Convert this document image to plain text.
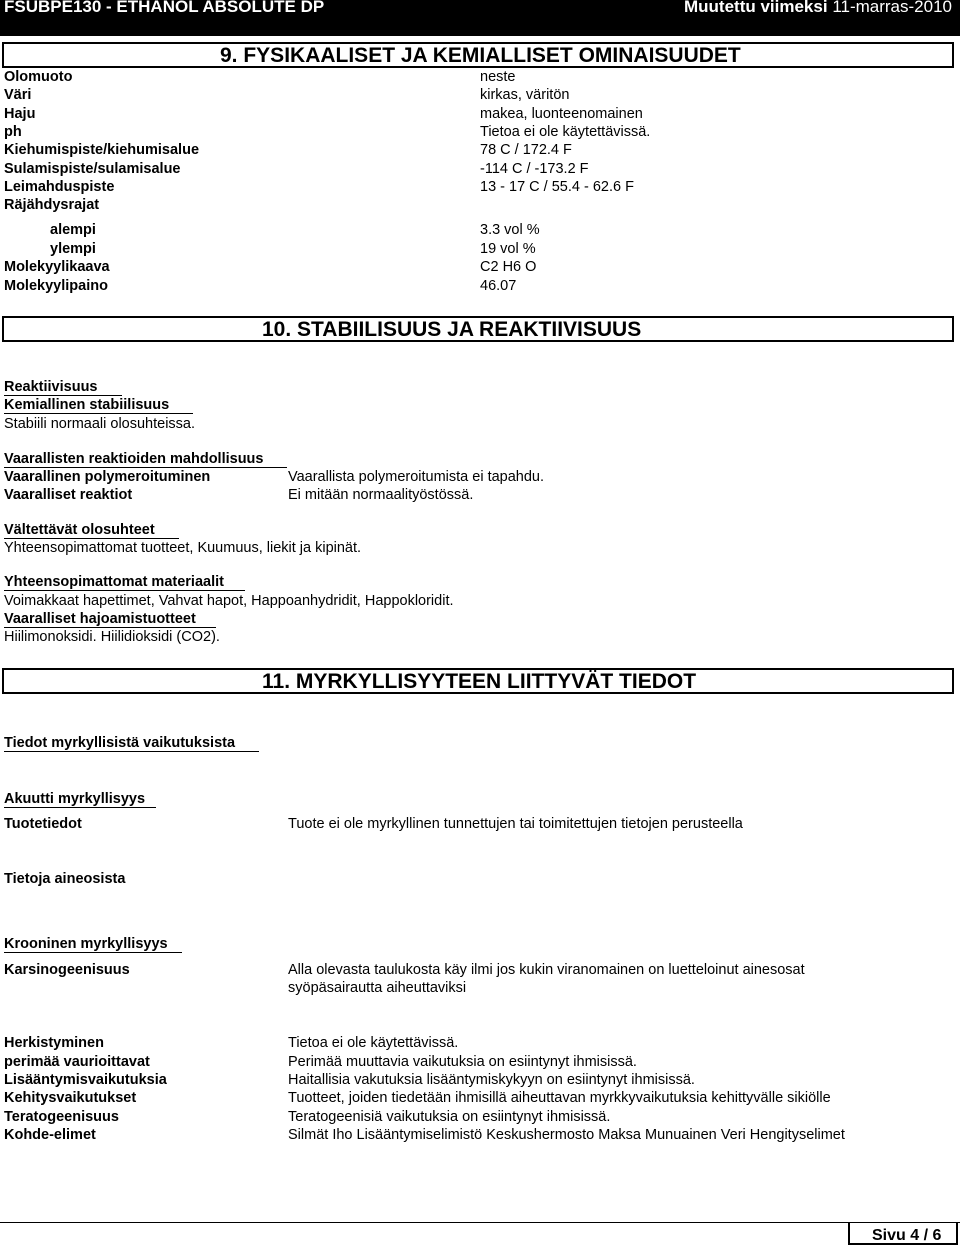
FSUBPE130 - ETHANOL ABSOLUTE DP	Muutettu viimeksi 11-marras-2010
9. FYSIKAALISET JA KEMIALLISET OMINAISUUDET
Olomuoto	neste
Väri	kirkas, väritön
Haju	makea, luonteenomainen
ph	Tietoa ei ole käytettävissä.
Kiehumispiste/kiehumisalue	78 C / 172.4 F
Sulamispiste/sulamisalue	-114 C / -173.2 F
Leimahduspiste	13 - 17 C / 55.4 - 62.6 F
Räjähdysrajat
alempi	3.3 vol %
ylempi	19 vol %
Molekyylikaava	C2 H6 O
Molekyylipaino	46.07
10. STABIILISUUS JA REAKTIIVISUUS
Reaktiivisuus
Kemiallinen stabiilisuus
Stabiili normaali olosuhteissa.
Vaarallisten reaktioiden mahdollisuus
Vaarallinen polymeroituminen	Vaarallista polymeroitumista ei tapahdu.
Vaaralliset reaktiot	Ei mitään normaalityöstössä.
Vältettävät olosuhteet
Yhteensopimattomat tuotteet, Kuumuus, liekit ja kipinät.
Yhteensopimattomat materiaalit
Voimakkaat hapettimet, Vahvat hapot, Happoanhydridit, Happokloridit.
Vaaralliset hajoamistuotteet
Hiilimonoksidi. Hiilidioksidi (CO2).
11. MYRKYLLISYYTEEN LIITTYVÄT TIEDOT
Tiedot myrkyllisistä vaikutuksista
Akuutti myrkyllisyys
Tuotetiedot	Tuote ei ole myrkyllinen tunnettujen tai toimitettujen tietojen perusteella
Tietoja aineosista
Krooninen myrkyllisyys
Karsinogeenisuus	Alla olevasta taulukosta käy ilmi jos kukin viranomainen on luetteloinut ainesosat
syöpäsairautta aiheuttaviksi
Herkistyminen	Tietoa ei ole käytettävissä.
perimää vaurioittavat	Perimää muuttavia vaikutuksia on esiintynyt ihmisissä.
Lisääntymisvaikutuksia	Haitallisia vakutuksia lisääntymiskykyyn on esiintynyt ihmisissä.
Kehitysvaikutukset	Tuotteet, joiden tiedetään ihmisillä aiheuttavan myrkkyvaikutuksia kehittyvälle sikiölle
Teratogeenisuus	Teratogeenisiä vaikutuksia on esiintynyt ihmisissä.
Kohde-elimet	Silmät Iho Lisääntymiselimistö Keskushermosto Maksa Munuainen Veri Hengityselimet
Sivu 4 / 6
